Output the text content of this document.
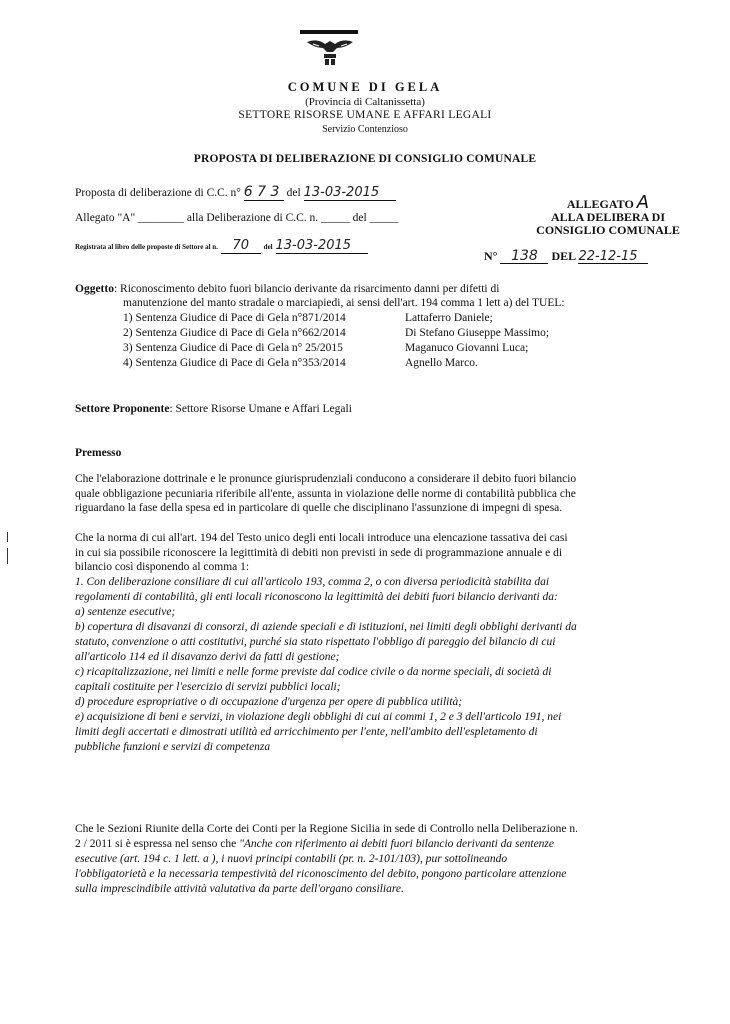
COMUNE DI GELA
(Provincia di Caltanissetta)
SETTORE RISORSE UMANE E AFFARI LEGALI
Servizio Contenzioso
PROPOSTA DI DELIBERAZIONE DI CONSIGLIO COMUNALE
Proposta di deliberazione di C.C. n° 6 7 3 del 13-03-2015
Allegato "A" ________ alla Deliberazione di C.C. n. _____ del _____
Registrata al libro delle proposte di Settore al n. 70 del 13-03-2015
ALLEGATO A
ALLA DELIBERA DI
CONSIGLIO COMUNALE
N° 138 DEL 22-12-15
Oggetto: Riconoscimento debito fuori bilancio derivante da risarcimento danni per difetti di
manutenzione del manto stradale o marciapiedi, ai sensi dell'art. 194 comma 1 lett a) del TUEL:
1) Sentenza Giudice di Pace di Gela n°871/2014	Lattaferro Daniele;
2) Sentenza Giudice di Pace di Gela n°662/2014	Di Stefano Giuseppe Massimo;
3) Sentenza Giudice di Pace di Gela n° 25/2015	Maganuco Giovanni Luca;
4) Sentenza Giudice di Pace di Gela n°353/2014	Agnello Marco.
Settore Proponente: Settore Risorse Umane e Affari Legali
Premesso
Che l'elaborazione dottrinale e le pronunce giurisprudenziali conducono a considerare il debito fuori bilancio
quale obbligazione pecuniaria riferibile all'ente, assunta in violazione delle norme di contabilità pubblica che
riguardano la fase della spesa ed in particolare di quelle che disciplinano l'assunzione di impegni di spesa.
Che la norma di cui all'art. 194 del Testo unico degli enti locali introduce una elencazione tassativa dei casi
in cui sia possibile riconoscere la legittimità di debiti non previsti in sede di programmazione annuale e di
bilancio così disponendo al comma 1:
1. Con deliberazione consiliare di cui all'articolo 193, comma 2, o con diversa periodicità stabilita dai
regolamenti di contabilità, gli enti locali riconoscono la legittimità dei debiti fuori bilancio derivanti da:
a) sentenze esecutive;
b) copertura di disavanzi di consorzi, di aziende speciali e di istituzioni, nei limiti degli obblighi derivanti da
statuto, convenzione o atti costitutivi, purché sia stato rispettato l'obbligo di pareggio del bilancio di cui
all'articolo 114 ed il disavanzo derivi da fatti di gestione;
c) ricapitalizzazione, nei limiti e nelle forme previste dal codice civile o da norme speciali, di società di
capitali costituite per l'esercizio di servizi pubblici locali;
d) procedure espropriative o di occupazione d'urgenza per opere di pubblica utilità;
e) acquisizione di beni e servizi, in violazione degli obblighi di cui ai commi 1, 2 e 3 dell'articolo 191, nei
limiti degli accertati e dimostrati utilità ed arricchimento per l'ente, nell'ambito dell'espletamento di
pubbliche funzioni e servizi di competenza
Che le Sezioni Riunite della Corte dei Conti per la Regione Sicilia in sede di Controllo nella Deliberazione n.
2 / 2011 si è espressa nel senso che "Anche con riferimento ai debiti fuori bilancio derivanti da sentenze
esecutive (art. 194 c. 1 lett. a ), i nuovi principi contabili (pr. n. 2-101/103), pur sottolineando
l'obbligatorietà e la necessaria tempestività del riconoscimento del debito, pongono particolare attenzione
sulla imprescindibile attività valutativa da parte dell'organo consiliare.
